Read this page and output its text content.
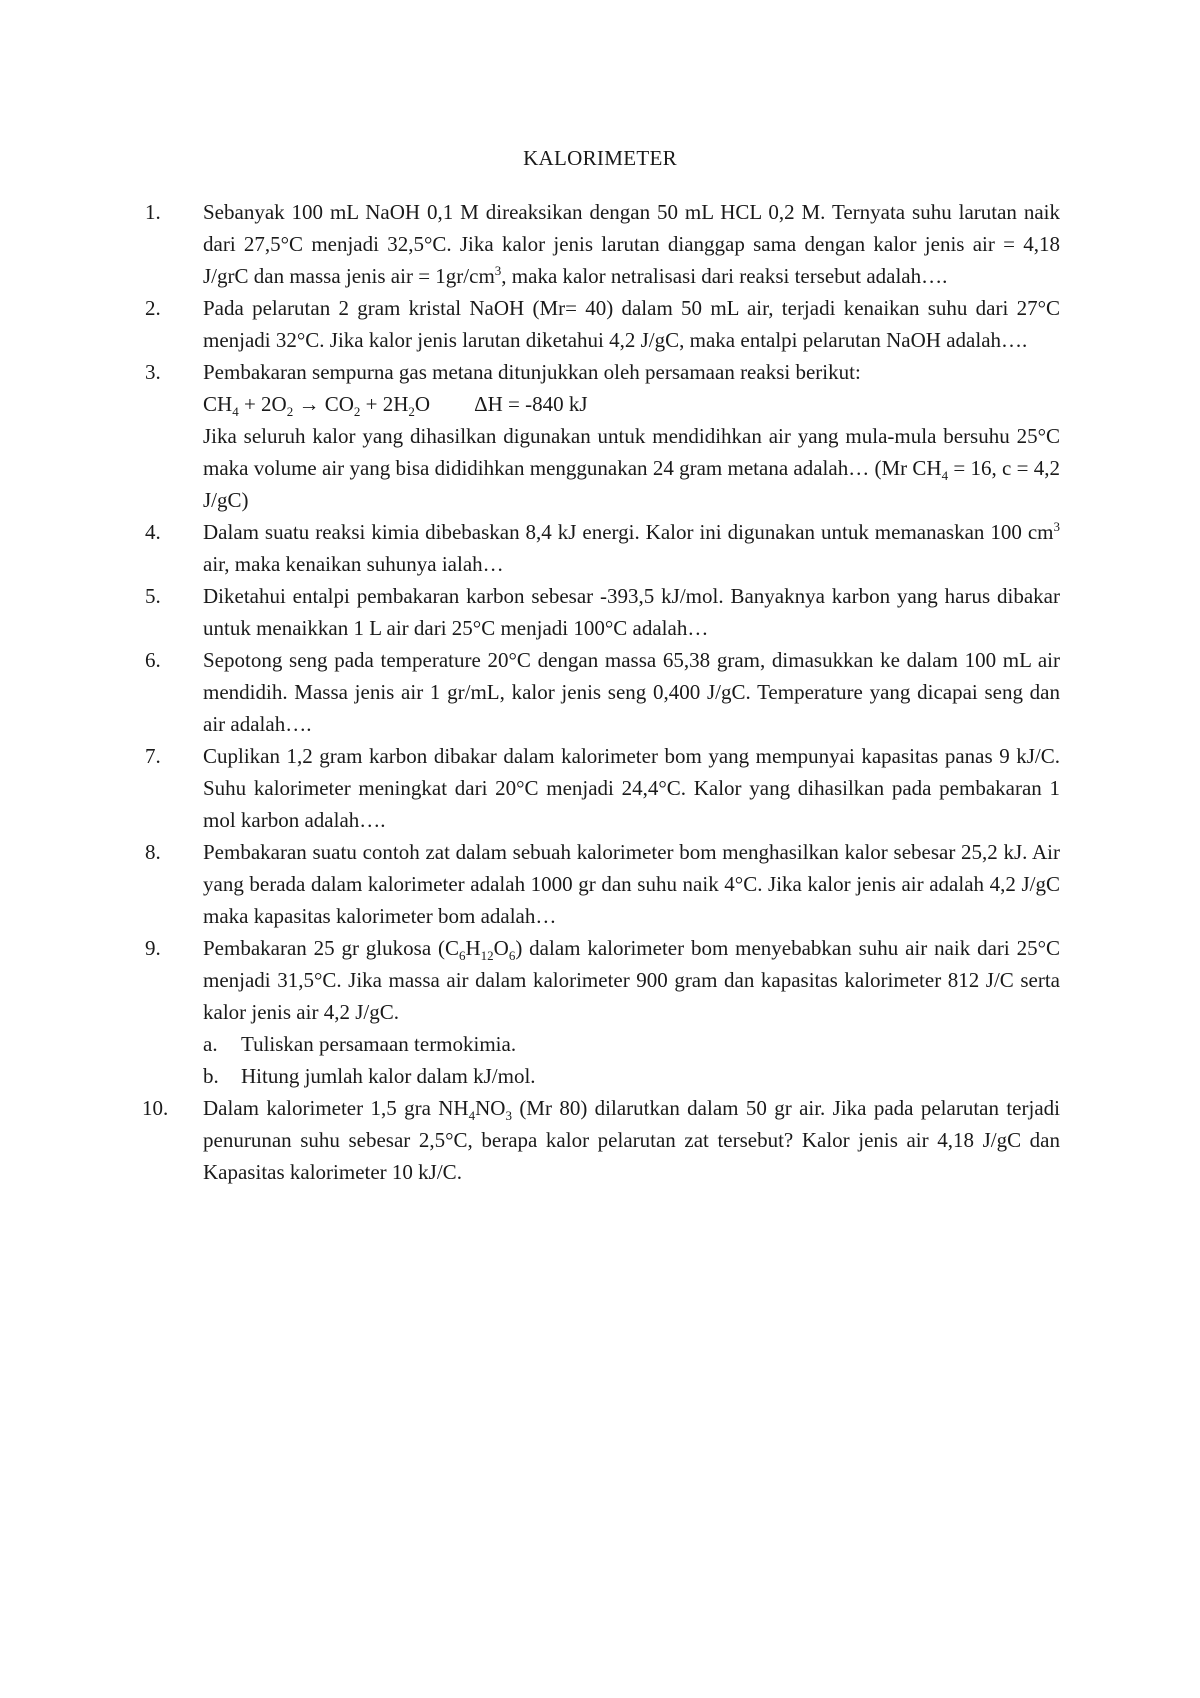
KALORIMETER
1. Sebanyak 100 mL NaOH 0,1 M direaksikan dengan 50 mL HCL 0,2 M. Ternyata suhu larutan naik dari 27,5°C menjadi 32,5°C. Jika kalor jenis larutan dianggap sama dengan kalor jenis air = 4,18 J/grC dan massa jenis air = $1gr/cm^3$, maka kalor netralisasi dari reaksi tersebut adalah….
2. Pada pelarutan 2 gram kristal NaOH (Mr= 40) dalam 50 mL air, terjadi kenaikan suhu dari 27°C menjadi 32°C. Jika kalor jenis larutan diketahui 4,2 J/gC, maka entalpi pelarutan NaOH adalah….
3. Pembakaran sempurna gas metana ditunjukkan oleh persamaan reaksi berikut:
$CH_4 + 2O_2 \to CO_2 + 2H_2O$ ΔH = -840 kJ
Jika seluruh kalor yang dihasilkan digunakan untuk mendidihkan air yang mula-mula bersuhu 25°C maka volume air yang bisa dididihkan menggunakan 24 gram metana adalah… (Mr $CH_4 = 16$, c = 4,2 J/gC)
4. Dalam suatu reaksi kimia dibebaskan 8,4 kJ energi. Kalor ini digunakan untuk memanaskan 100 $cm^3$ air, maka kenaikan suhunya ialah…
5. Diketahui entalpi pembakaran karbon sebesar -393,5 kJ/mol. Banyaknya karbon yang harus dibakar untuk menaikkan 1 L air dari 25°C menjadi 100°C adalah…
6. Sepotong seng pada temperature 20°C dengan massa 65,38 gram, dimasukkan ke dalam 100 mL air mendidih. Massa jenis air 1 gr/mL, kalor jenis seng 0,400 J/gC. Temperature yang dicapai seng dan air adalah….
7. Cuplikan 1,2 gram karbon dibakar dalam kalorimeter bom yang mempunyai kapasitas panas 9 kJ/C. Suhu kalorimeter meningkat dari 20°C menjadi 24,4°C. Kalor yang dihasilkan pada pembakaran 1 mol karbon adalah….
8. Pembakaran suatu contoh zat dalam sebuah kalorimeter bom menghasilkan kalor sebesar 25,2 kJ. Air yang berada dalam kalorimeter adalah 1000 gr dan suhu naik 4°C. Jika kalor jenis air adalah 4,2 J/gC maka kapasitas kalorimeter bom adalah…
9. Pembakaran 25 gr glukosa $(C_6H_{12}O_6)$ dalam kalorimeter bom menyebabkan suhu air naik dari 25°C menjadi 31,5°C. Jika massa air dalam kalorimeter 900 gram dan kapasitas kalorimeter 812 J/C serta kalor jenis air 4,2 J/gC.
a. Tuliskan persamaan termokimia.
b. Hitung jumlah kalor dalam kJ/mol.
10. Dalam kalorimeter 1,5 gra $NH_4NO_3$ (Mr 80) dilarutkan dalam 50 gr air. Jika pada pelarutan terjadi penurunan suhu sebesar 2,5°C, berapa kalor pelarutan zat tersebut? Kalor jenis air 4,18 J/gC dan Kapasitas kalorimeter 10 kJ/C.
